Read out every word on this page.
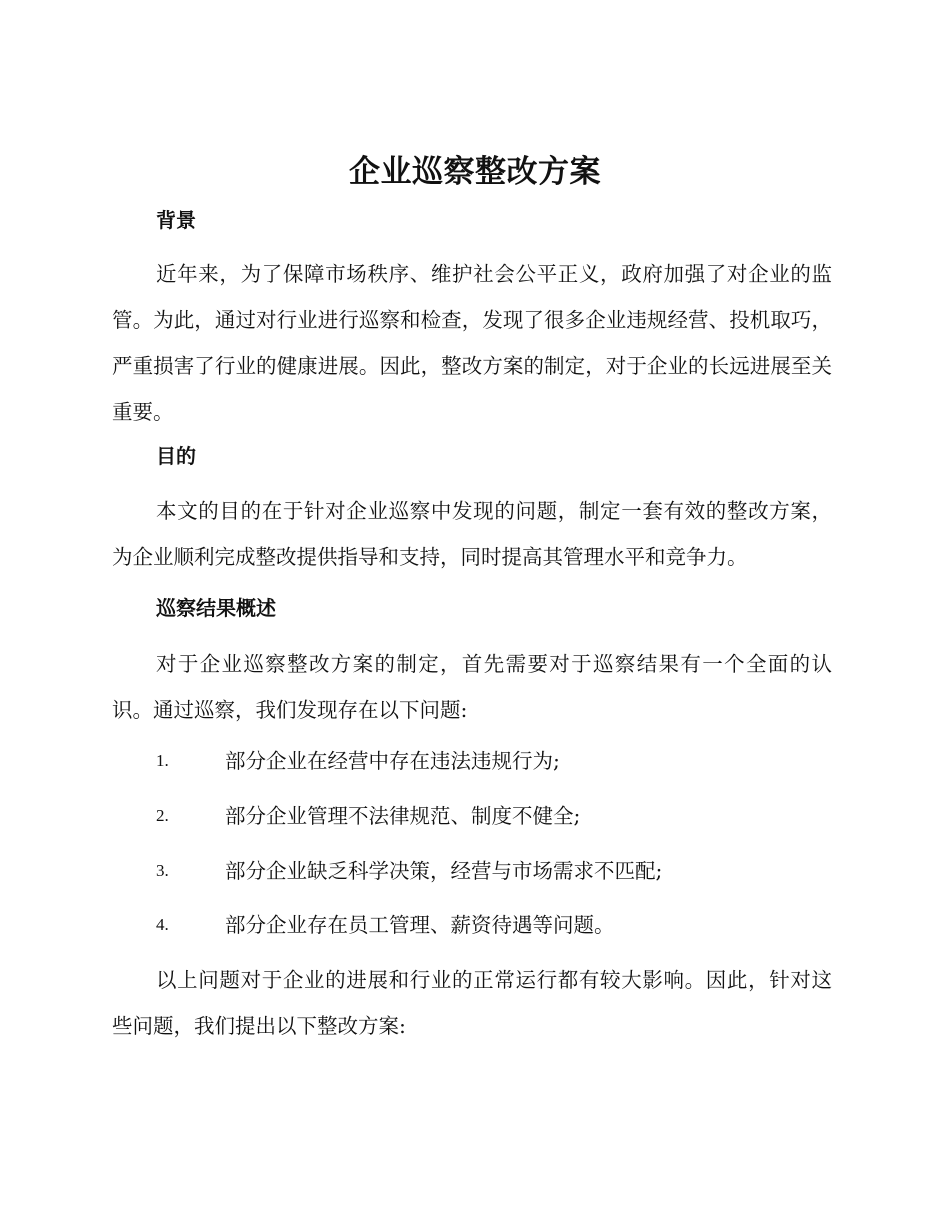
企业巡察整改方案
背景

近年来，为了保障市场秩序、维护社会公平正义，政府加强了对企业的监管。为此，通过对行业进行巡察和检查，发现了很多企业违规经营、投机取巧，严重损害了行业的健康进展。因此，整改方案的制定，对于企业的长远进展至关重要。

目的

本文的目的在于针对企业巡察中发现的问题，制定一套有效的整改方案，为企业顺利完成整改提供指导和支持，同时提高其管理水平和竞争力。

巡察结果概述

对于企业巡察整改方案的制定，首先需要对于巡察结果有一个全面的认识。通过巡察，我们发现存在以下问题:

1.	部分企业在经营中存在违法违规行为;
2.	部分企业管理不法律规范、制度不健全;
3.	部分企业缺乏科学决策，经营与市场需求不匹配;
4.	部分企业存在员工管理、薪资待遇等问题。

以上问题对于企业的进展和行业的正常运行都有较大影响。因此，针对这些问题，我们提出以下整改方案:
